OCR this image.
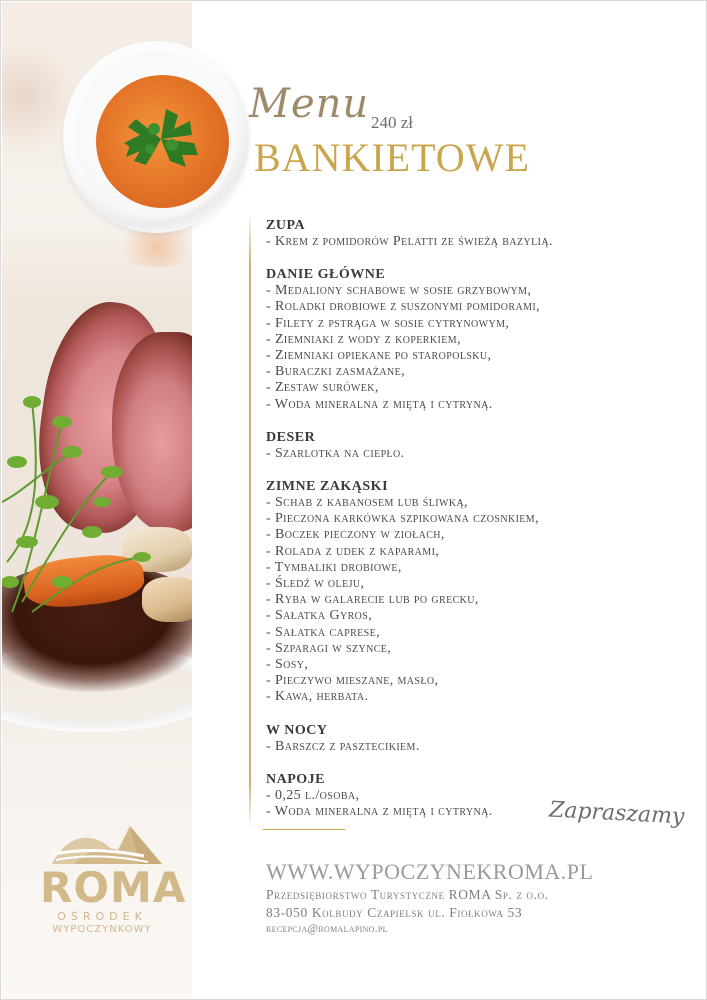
ROMA
OŚRODEK
WYPOCZYNKOWY
Menu 240 zł
BANKIETOWE
ZUPA
- Krem z pomidorów Pelatti ze świeżą bazylią.
DANIE GŁÓWNE
- Medaliony schabowe w sosie grzybowym,
- Roladki drobiowe z suszonymi pomidorami,
- Filety z pstrąga w sosie cytrynowym,
- Ziemniaki z wody z koperkiem,
- Ziemniaki opiekane po staropolsku,
- Buraczki zasmażane,
- Zestaw surówek,
- Woda mineralna z miętą i cytryną.
DESER
- Szarlotka na ciepło.
ZIMNE ZAKĄSKI
- Schab z kabanosem lub śliwką,
- Pieczona karkówka szpikowana czosnkiem,
- Boczek pieczony w ziołach,
- Rolada z udek z kaparami,
- Tymbaliki drobiowe,
- Śledź w oleju,
- Ryba w galarecie lub po grecku,
- Sałatka Gyros,
- Sałatka caprese,
- Szparagi w szynce,
- Sosy,
- Pieczywo mieszane, masło,
- Kawa, herbata.
W NOCY
- Barszcz z pasztecikiem.
NAPOJE
- 0,25 l./osoba,
- Woda mineralna z miętą i cytryną.	Zapraszamy
WWW.WYPOCZYNEKROMA.PL
Przedsiębiorstwo Turystyczne ROMA Sp. z o.o.
83-050 Kolbudy Czapielsk ul. Fiołkowa 53
recepcja@romalapino.pl
